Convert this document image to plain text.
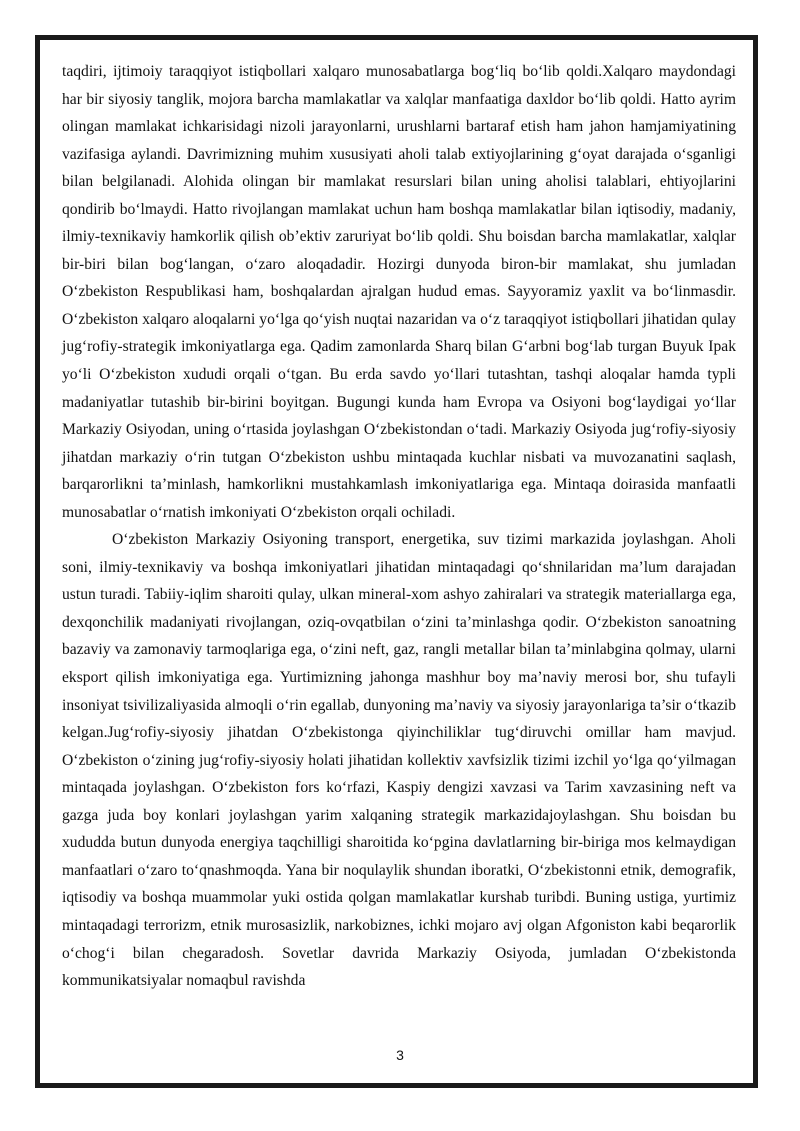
taqdiri, ijtimoiy taraqqiyot istiqbollari xalqaro munosabatlarga bog‘liq bo‘lib qoldi.Xalqaro maydondagi har bir siyosiy tanglik, mojora barcha mamlakatlar va xalqlar manfaatiga daxldor bo‘lib qoldi. Hatto ayrim olingan mamlakat ichkarisidagi nizoli jarayonlarni, urushlarni bartaraf etish ham jahon hamjamiyatining vazifasiga aylandi. Davrimizning muhim xususiyati aholi talab extiyojlarining g‘oyat darajada o‘sganligi bilan belgilanadi. Alohida olingan bir mamlakat resurslari bilan uning aholisi talablari, ehtiyojlarini qondirib bo‘lmaydi. Hatto rivojlangan mamlakat uchun ham boshqa mamlakatlar bilan iqtisodiy, madaniy, ilmiy-texnikaviy hamkorlik qilish ob’ektiv zaruriyat bo‘lib qoldi. Shu boisdan barcha mamlakatlar, xalqlar bir-biri bilan bog‘langan, o‘zaro aloqadadir. Hozirgi dunyoda biron-bir mamlakat, shu jumladan O‘zbekiston Respublikasi ham, boshqalardan ajralgan hudud emas. Sayyoramiz yaxlit va bo‘linmasdir. O‘zbekiston xalqaro aloqalarni yo‘lga qo‘yish nuqtai nazaridan va o‘z taraqqiyot istiqbollari jihatidan qulay jug‘rofiy-strategik imkoniyatlarga ega. Qadim zamonlarda Sharq bilan G‘arbni bog‘lab turgan Buyuk Ipak yo‘li O‘zbekiston xududi orqali o‘tgan. Bu erda savdo yo‘llari tutashtan, tashqi aloqalar hamda typli madaniyatlar tutashib bir-birini boyitgan. Bugungi kunda ham Evropa va Osiyoni bog‘laydigai yo‘llar Markaziy Osiyodan, uning o‘rtasida joylashgan O‘zbekistondan o‘tadi. Markaziy Osiyoda jug‘rofiy-siyosiy jihatdan markaziy o‘rin tutgan O‘zbekiston ushbu mintaqada kuchlar nisbati va muvozanatini saqlash, barqarorlikni ta’minlash, hamkorlikni mustahkamlash imkoniyatlariga ega. Mintaqa doirasida manfaatli munosabatlar o‘rnatish imkoniyati O‘zbekiston orqali ochiladi.

O‘zbekiston Markaziy Osiyoning transport, energetika, suv tizimi markazida joylashgan. Aholi soni, ilmiy-texnikaviy va boshqa imkoniyatlari jihatidan mintaqadagi qo‘shnilaridan ma’lum darajadan ustun turadi. Tabiiy-iqlim sharoiti qulay, ulkan mineral-xom ashyo zahiralari va strategik materiallarga ega, dexqonchilik madaniyati rivojlangan, oziq-ovqatbilan o‘zini ta’minlashga qodir. O‘zbekiston sanoatning bazaviy va zamonaviy tarmoqlariga ega, o‘zini neft, gaz, rangli metallar bilan ta’minlabgina qolmay, ularni eksport qilish imkoniyatiga ega. Yurtimizning jahonga mashhur boy ma’naviy merosi bor, shu tufayli insoniyat tsivilizaliyasida almoqli o‘rin egallab, dunyoning ma’naviy va siyosiy jarayonlariga ta’sir o‘tkazib kelgan.Jug‘rofiy-siyosiy jihatdan O‘zbekistonga qiyinchiliklar tug‘diruvchi omillar ham mavjud. O‘zbekiston o‘zining jug‘rofiy-siyosiy holati jihatidan kollektiv xavfsizlik tizimi izchil yo‘lga qo‘yilmagan mintaqada joylashgan. O‘zbekiston fors ko‘rfazi, Kaspiy dengizi xavzasi va Tarim xavzasining neft va gazga juda boy konlari joylashgan yarim xalqaning strategik markazidajoylashgan. Shu boisdan bu xududda butun dunyoda energiya taqchilligi sharoitida ko‘pgina davlatlarning bir-biriga mos kelmaydigan manfaatlari o‘zaro to‘qnashmoqda. Yana bir noqulaylik shundan iboratki, O‘zbekistonni etnik, demografik, iqtisodiy va boshqa muammolar yuki ostida qolgan mamlakatlar kurshab turibdi. Buning ustiga, yurtimiz mintaqadagi terrorizm, etnik murosasizlik, narkobiznes, ichki mojaro avj olgan Afgoniston kabi beqarorlik o‘chog‘i bilan chegaradosh. Sovetlar davrida Markaziy Osiyoda, jumladan O‘zbekistonda kommunikatsiyalar nomaqbul ravishda

3
